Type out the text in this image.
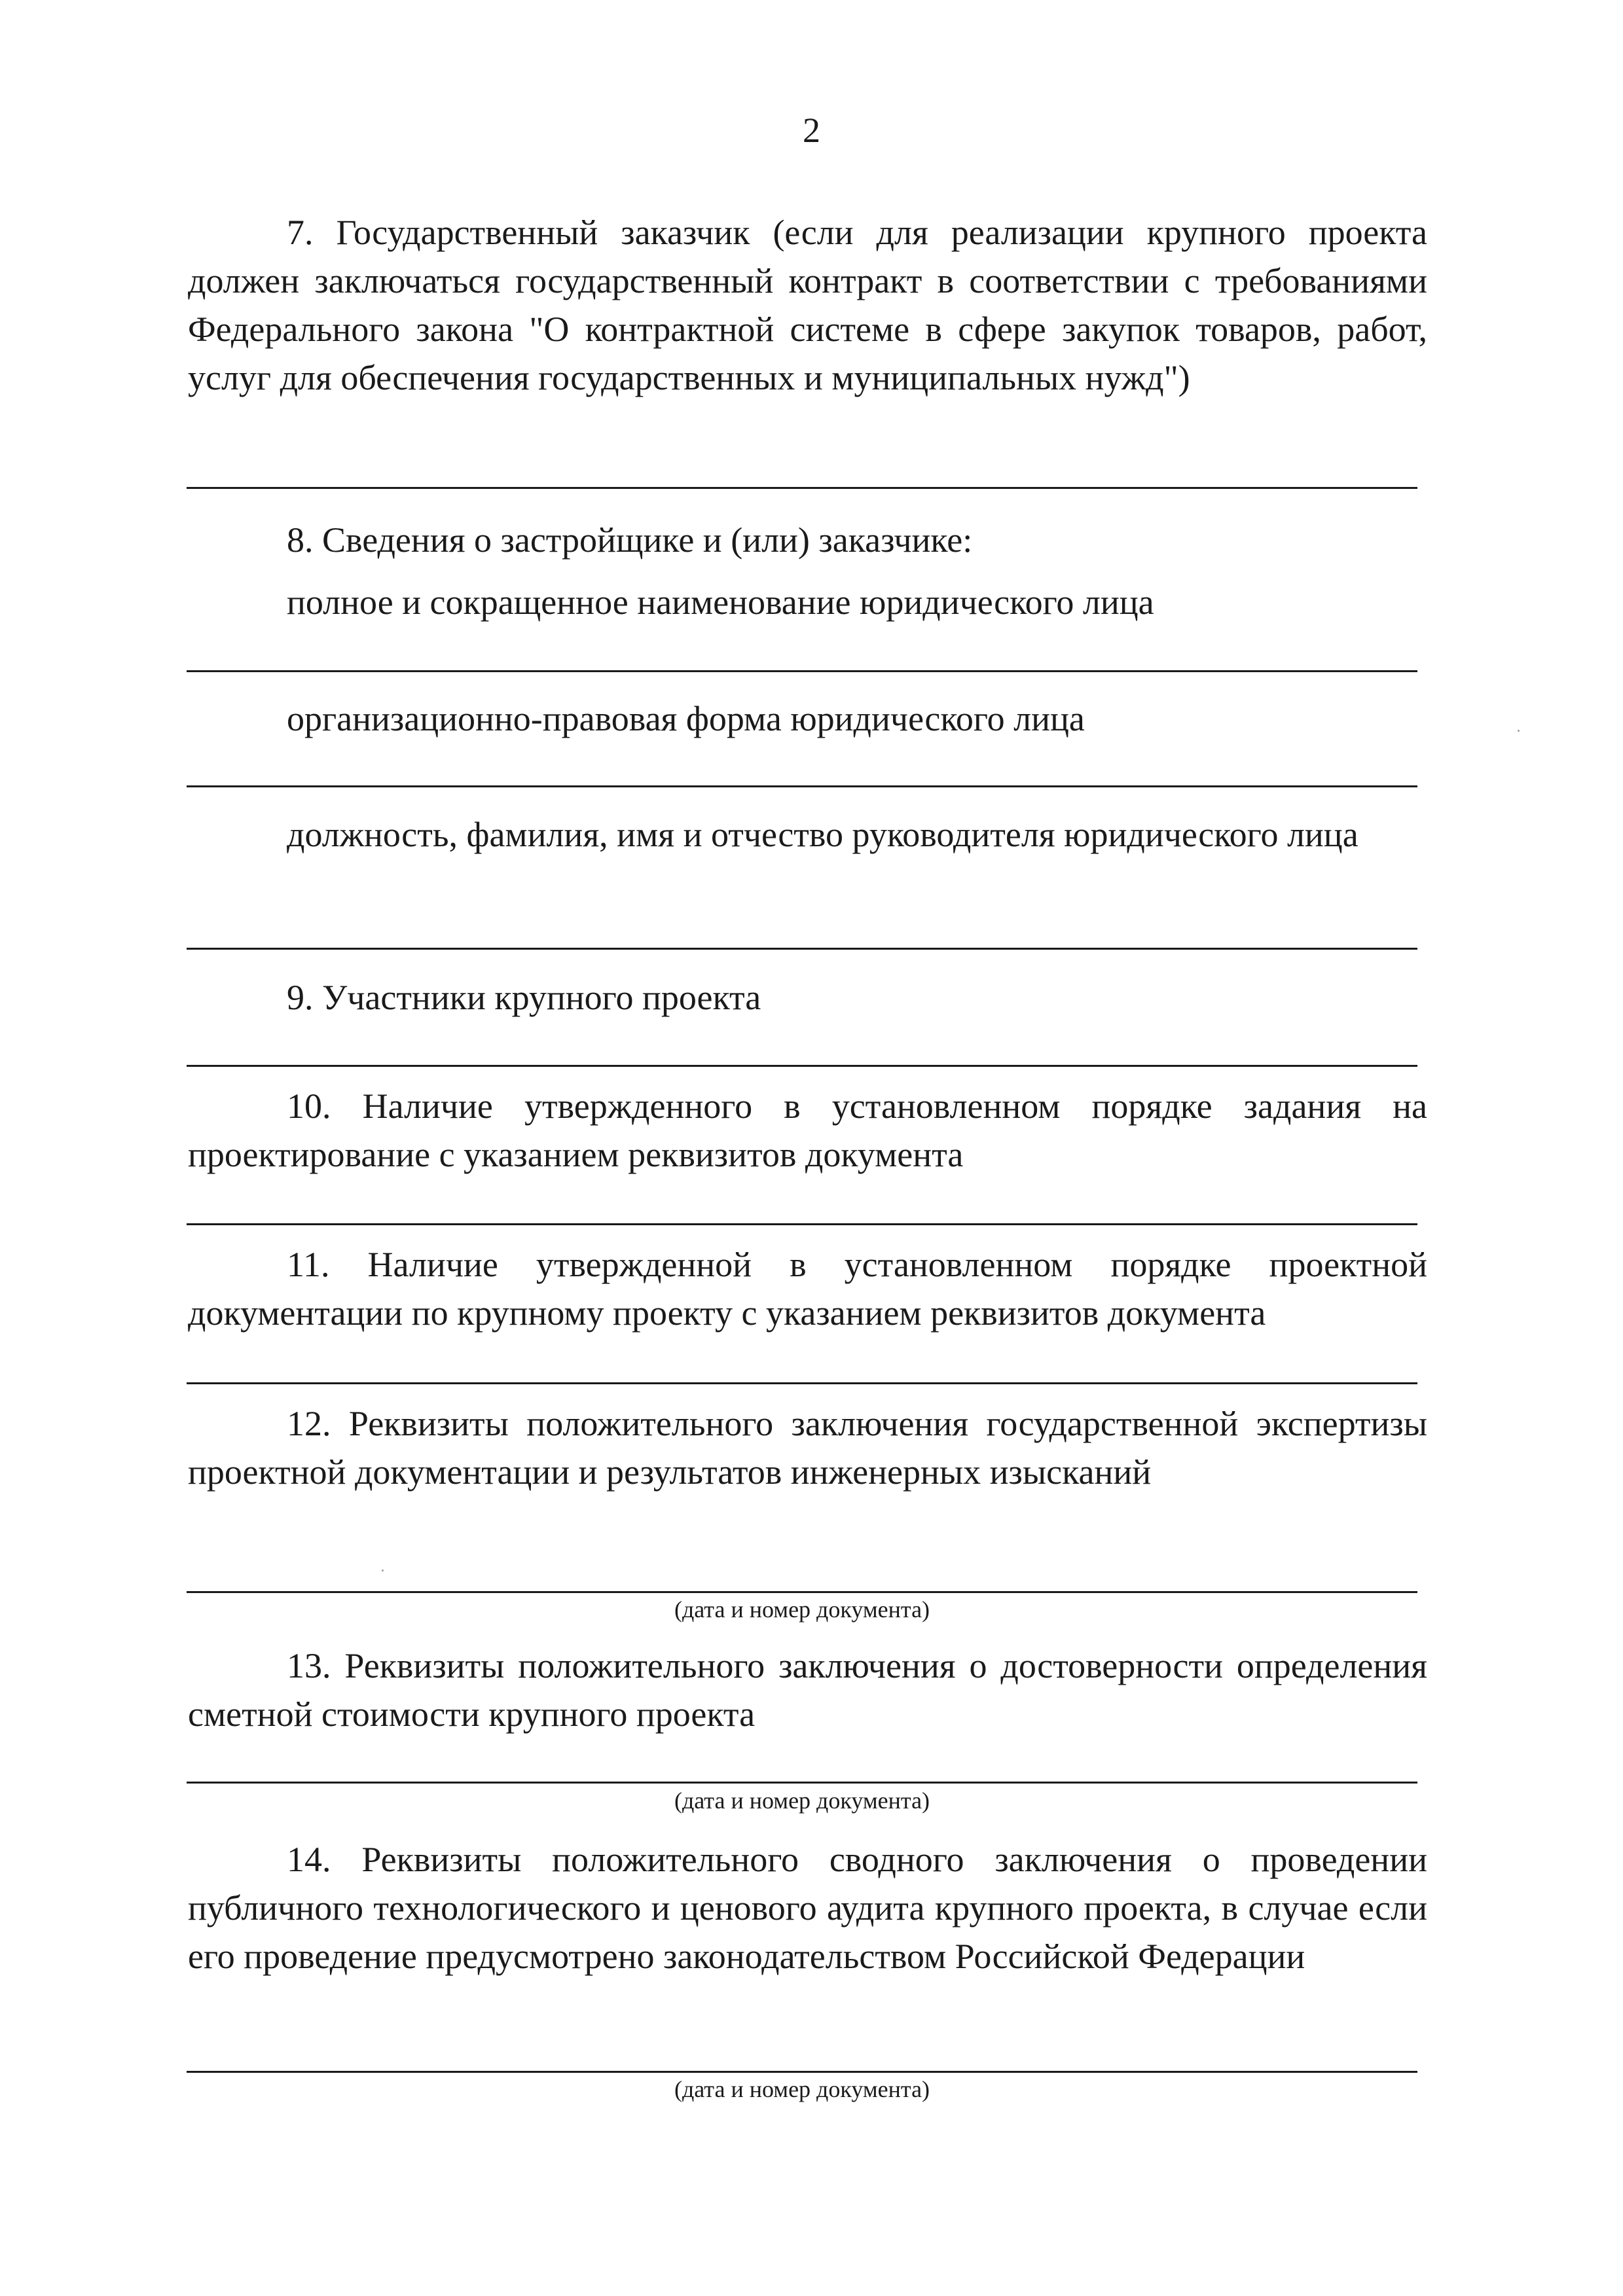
2

7. Государственный заказчик (если для реализации крупного проекта должен заключаться государственный контракт в соответствии с требованиями Федерального закона "О контрактной системе в сфере закупок товаров, работ, услуг для обеспечения государственных и муниципальных нужд")

8. Сведения о застройщике и (или) заказчике:

полное и сокращенное наименование юридического лица

организационно-правовая форма юридического лица

должность, фамилия, имя и отчество руководителя юридического лица

9. Участники крупного проекта

10. Наличие утвержденного в установленном порядке задания на проектирование с указанием реквизитов документа

11. Наличие утвержденной в установленном порядке проектной документации по крупному проекту с указанием реквизитов документа

12. Реквизиты положительного заключения государственной экспертизы проектной документации и результатов инженерных изысканий

(дата и номер документа)

13. Реквизиты положительного заключения о достоверности определения сметной стоимости крупного проекта

(дата и номер документа)

14. Реквизиты положительного сводного заключения о проведении публичного технологического и ценового аудита крупного проекта, в случае если его проведение предусмотрено законодательством Российской Федерации

(дата и номер документа)
